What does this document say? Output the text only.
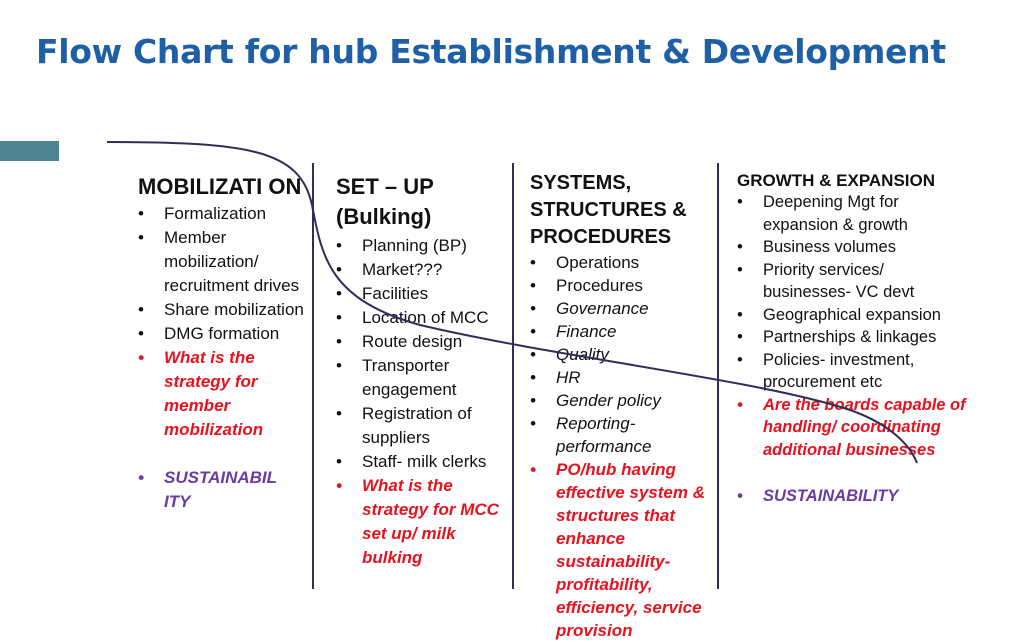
Flow Chart for hub Establishment & Development
MOBILIZATI ON
• Formalization
• Member mobilization/ recruitment drives
• Share mobilization
• DMG formation
• What is the strategy for member mobilization
• SUSTAINABIL ITY
SET – UP (Bulking)
• Planning (BP)
• Market???
• Facilities
• Location of MCC
• Route design
• Transporter engagement
• Registration of suppliers
• Staff- milk clerks
• What is the strategy for MCC set up/ milk bulking
SYSTEMS, STRUCTURES & PROCEDURES
• Operations
• Procedures
• Governance
• Finance
• Quality
• HR
• Gender policy
• Reporting- performance
• PO/hub having effective system & structures that enhance sustainability- profitability, efficiency, service provision
GROWTH & EXPANSION
• Deepening Mgt for expansion & growth
• Business volumes
• Priority services/ businesses- VC devt
• Geographical expansion
• Partnerships & linkages
• Policies- investment, procurement etc
• Are the boards capable of handling/ coordinating additional businesses
• SUSTAINABILITY
